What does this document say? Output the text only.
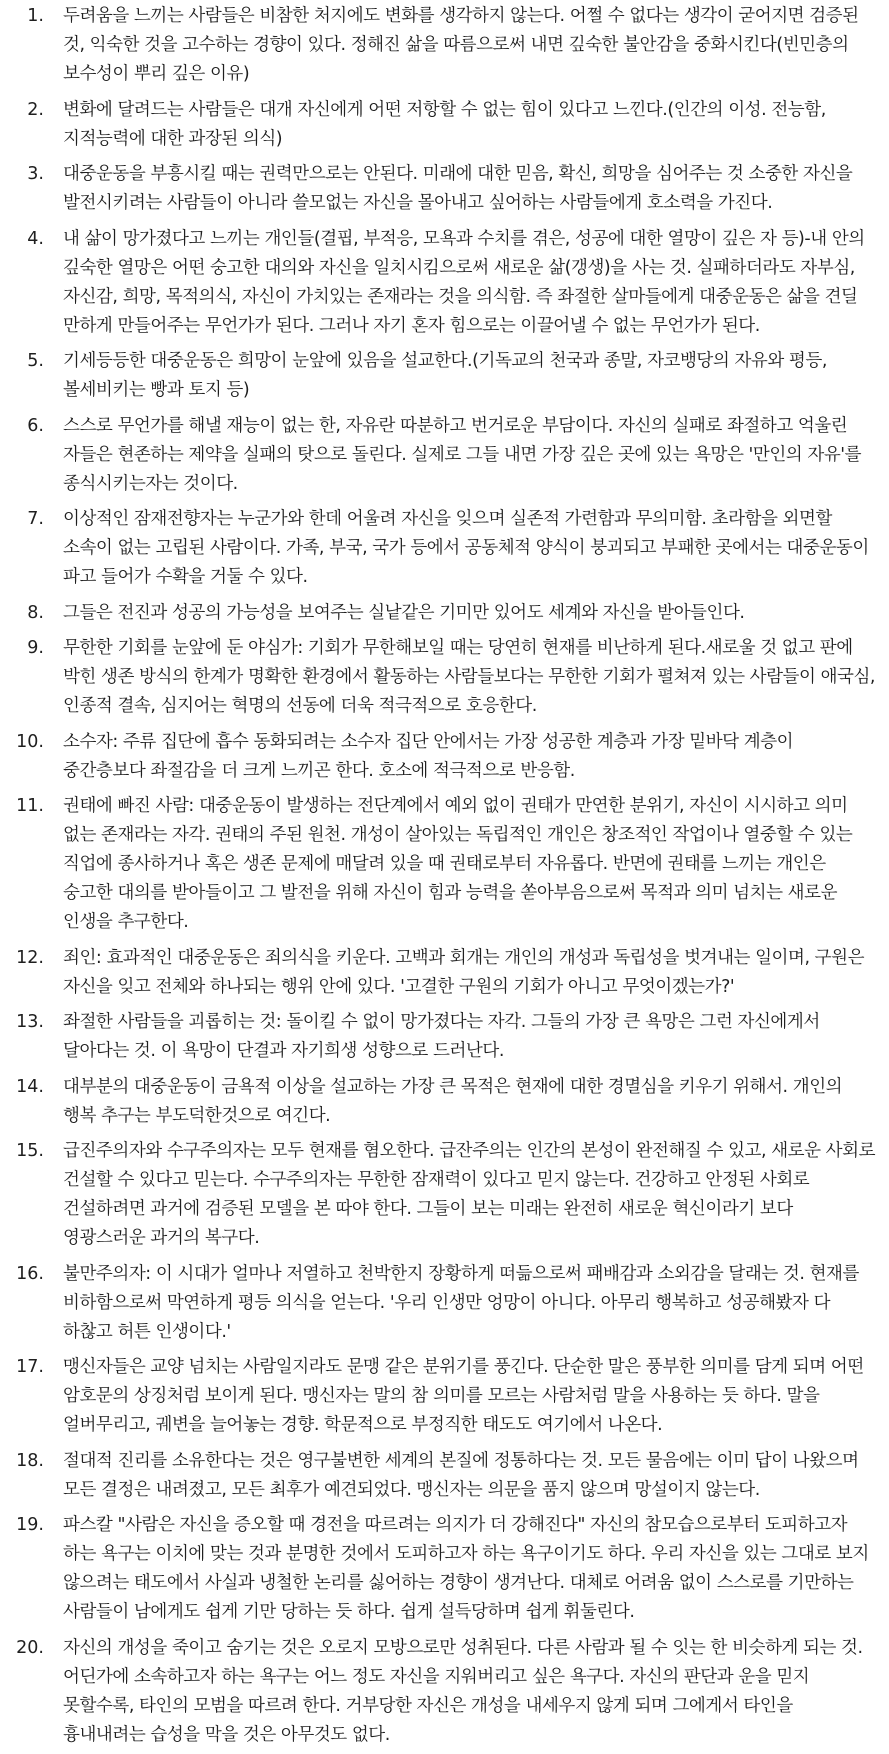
1. 두려움을 느끼는 사람들은 비참한 처지에도 변화를 생각하지 않는다. 어쩔 수 없다는 생각이 굳어지면 검증된 것, 익숙한 것을 고수하는 경향이 있다. 정해진 삶을 따름으로써 내면 깊숙한 불안감을 중화시킨다(빈민층의 보수성이 뿌리 깊은 이유)
2. 변화에 달려드는 사람들은 대개 자신에게 어떤 저항할 수 없는 힘이 있다고 느낀다.(인간의 이성. 전능함, 지적능력에 대한 과장된 의식)
3. 대중운동을 부흥시킬 때는 권력만으로는 안된다. 미래에 대한 믿음, 확신, 희망을 심어주는 것 소중한 자신을 발전시키려는 사람들이 아니라 쓸모없는 자신을 몰아내고 싶어하는 사람들에게 호소력을 가진다.
4. 내 삶이 망가졌다고 느끼는 개인들(결핍, 부적응, 모욕과 수치를 겪은, 성공에 대한 열망이 깊은 자 등)-내 안의 깊숙한 열망은 어떤 숭고한 대의와 자신을 일치시킴으로써 새로운 삶(갱생)을 사는 것. 실패하더라도 자부심, 자신감, 희망, 목적의식, 자신이 가치있는 존재라는 것을 의식함. 즉 좌절한 살마들에게 대중운동은 삶을 견딜 만하게 만들어주는 무언가가 된다. 그러나 자기 혼자 힘으로는 이끌어낼 수 없는 무언가가 된다.
5. 기세등등한 대중운동은 희망이 눈앞에 있음을 설교한다.(기독교의 천국과 종말, 자코뱅당의 자유와 평등, 볼세비키는 빵과 토지 등)
6. 스스로 무언가를 해낼 재능이 없는 한, 자유란 따분하고 번거로운 부담이다. 자신의 실패로 좌절하고 억울린 자들은 현존하는 제약을 실패의 탓으로 돌린다. 실제로 그들 내면 가장 깊은 곳에 있는 욕망은 '만인의 자유'를 종식시키는자는 것이다.
7. 이상적인 잠재전향자는 누군가와 한데 어울려 자신을 잊으며 실존적 가련함과 무의미함. 초라함을 외면할 소속이 없는 고립된 사람이다. 가족, 부국, 국가 등에서 공동체적 양식이 붕괴되고 부패한 곳에서는 대중운동이 파고 들어가 수확을 거둘 수 있다.
8. 그들은 전진과 성공의 가능성을 보여주는 실낱같은 기미만 있어도 세계와 자신을 받아들인다.
9. 무한한 기회를 눈앞에 둔 야심가: 기회가 무한해보일 때는 당연히 현재를 비난하게 된다.새로울 것 없고 판에 박힌 생존 방식의 한계가 명확한 환경에서 활동하는 사람들보다는 무한한 기회가 펼쳐져 있는 사람들이 애국심, 인종적 결속, 심지어는 혁명의 선동에 더욱 적극적으로 호응한다.
10. 소수자: 주류 집단에 흡수 동화되려는 소수자 집단 안에서는 가장 성공한 계층과 가장 밑바닥 계층이 중간층보다 좌절감을 더 크게 느끼곤 한다. 호소에 적극적으로 반응함.
11. 권태에 빠진 사람: 대중운동이 발생하는 전단계에서 예외 없이 권태가 만연한 분위기, 자신이 시시하고 의미 없는 존재라는 자각. 권태의 주된 원천. 개성이 살아있는 독립적인 개인은 창조적인 작업이나 열중할 수 있는 직업에 종사하거나 혹은 생존 문제에 매달려 있을 때 권태로부터 자유롭다. 반면에 권태를 느끼는 개인은 숭고한 대의를 받아들이고 그 발전을 위해 자신이 힘과 능력을 쏟아부음으로써 목적과 의미 넘치는 새로운 인생을 추구한다.
12. 죄인: 효과적인 대중운동은 죄의식을 키운다. 고백과 회개는 개인의 개성과 독립성을 벗겨내는 일이며, 구원은 자신을 잊고 전체와 하나되는 행위 안에 있다. '고결한 구원의 기회가 아니고 무엇이겠는가?'
13. 좌절한 사람들을 괴롭히는 것: 돌이킬 수 없이 망가졌다는 자각. 그들의 가장 큰 욕망은 그런 자신에게서 달아다는 것. 이 욕망이 단결과 자기희생 성향으로 드러난다.
14. 대부분의 대중운동이 금욕적 이상을 설교하는 가장 큰 목적은 현재에 대한 경멸심을 키우기 위해서. 개인의 행복 추구는 부도덕한것으로 여긴다.
15. 급진주의자와 수구주의자는 모두 현재를 혐오한다. 급잔주의는 인간의 본성이 완전해질 수 있고, 새로운 사회로 건설할 수 있다고 믿는다. 수구주의자는 무한한 잠재력이 있다고 믿지 않는다. 건강하고 안정된 사회로 건설하려면 과거에 검증된 모델을 본 따야 한다. 그들이 보는 미래는 완전히 새로운 혁신이라기 보다 영광스러운 과거의 복구다.
16. 불만주의자: 이 시대가 얼마나 저열하고 천박한지 장황하게 떠듦으로써 패배감과 소외감을 달래는 것. 현재를 비하함으로써 막연하게 평등 의식을 얻는다. '우리 인생만 엉망이 아니다. 아무리 행복하고 성공해봤자 다 하찮고 허튼 인생이다.'
17. 맹신자들은 교양 넘치는 사람일지라도 문맹 같은 분위기를 풍긴다. 단순한 말은 풍부한 의미를 담게 되며 어떤 암호문의 상징처럼 보이게 된다. 맹신자는 말의 참 의미를 모르는 사람처럼 말을 사용하는 듯 하다. 말을 얼버무리고, 궤변을 늘어놓는 경향. 학문적으로 부정직한 태도도 여기에서 나온다.
18. 절대적 진리를 소유한다는 것은 영구불변한 세계의 본질에 정통하다는 것. 모든 물음에는 이미 답이 나왔으며 모든 결정은 내려졌고, 모든 최후가 예견되었다. 맹신자는 의문을 품지 않으며 망설이지 않는다.
19. 파스칼 "사람은 자신을 증오할 때 경전을 따르려는 의지가 더 강해진다" 자신의 참모습으로부터 도피하고자 하는 욕구는 이치에 맞는 것과 분명한 것에서 도피하고자 하는 욕구이기도 하다. 우리 자신을 있는 그대로 보지 않으려는 태도에서 사실과 냉철한 논리를 싫어하는 경향이 생겨난다. 대체로 어려움 없이 스스로를 기만하는 사람들이 남에게도 쉽게 기만 당하는 듯 하다. 쉽게 설득당하며 쉽게 휘둘린다.
20. 자신의 개성을 죽이고 숨기는 것은 오로지 모방으로만 성취된다. 다른 사람과 될 수 잇는 한 비슷하게 되는 것. 어딘가에 소속하고자 하는 욕구는 어느 정도 자신을 지워버리고 싶은 욕구다. 자신의 판단과 운을 믿지 못할수록, 타인의 모범을 따르려 한다. 거부당한 자신은 개성을 내세우지 않게 되며 그에게서 타인을 흉내내려는 습성을 막을 것은 아무것도 없다.
